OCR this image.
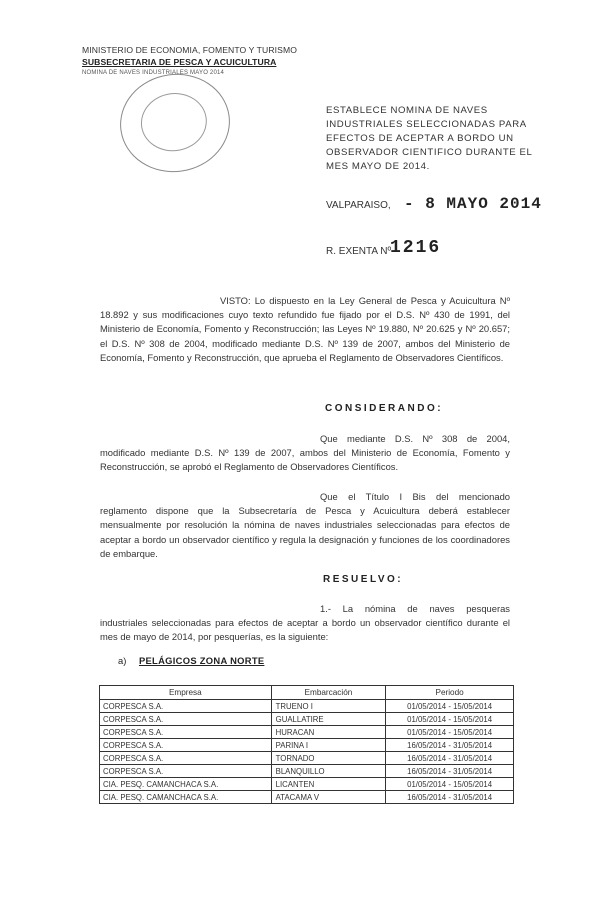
MINISTERIO DE ECONOMIA, FOMENTO Y TURISMO
SUBSECRETARIA DE PESCA Y ACUICULTURA
NOMINA DE NAVES INDUSTRIALES MAYO 2014
ESTABLECE NOMINA DE NAVES INDUSTRIALES SELECCIONADAS PARA EFECTOS DE ACEPTAR A BORDO UN OBSERVADOR CIENTIFICO DURANTE EL MES MAYO DE 2014.
VALPARAISO, - 8 MAYO 2014
R. EXENTA Nº
1216
VISTO: Lo dispuesto en la Ley General de Pesca y Acuicultura Nº 18.892 y sus modificaciones cuyo texto refundido fue fijado por el D.S. Nº 430 de 1991, del Ministerio de Economía, Fomento y Reconstrucción; las Leyes Nº 19.880, Nº 20.625 y Nº 20.657; el D.S. Nº 308 de 2004, modificado mediante D.S. Nº 139 de 2007, ambos del Ministerio de Economía, Fomento y Reconstrucción, que aprueba el Reglamento de Observadores Científicos.
CONSIDERANDO:
Que mediante D.S. Nº 308 de 2004, modificado mediante D.S. Nº 139 de 2007, ambos del Ministerio de Economía, Fomento y Reconstrucción, se aprobó el Reglamento de Observadores Científicos.
Que el Título I Bis del mencionado reglamento dispone que la Subsecretaría de Pesca y Acuicultura deberá establecer mensualmente por resolución la nómina de naves industriales seleccionadas para efectos de aceptar a bordo un observador científico y regula la designación y funciones de los coordinadores de embarque.
RESUELVO:
1.- La nómina de naves pesqueras industriales seleccionadas para efectos de aceptar a bordo un observador científico durante el mes de mayo de 2014, por pesquerías, es la siguiente:
a) PELÁGICOS ZONA NORTE
Empresa	Embarcación	Periodo
CORPESCA S.A.	TRUENO I	01/05/2014 - 15/05/2014
CORPESCA S.A.	GUALLATIRE	01/05/2014 - 15/05/2014
CORPESCA S.A.	HURACAN	01/05/2014 - 15/05/2014
CORPESCA S.A.	PARINA I	16/05/2014 - 31/05/2014
CORPESCA S.A.	TORNADO	16/05/2014 - 31/05/2014
CORPESCA S.A.	BLANQUILLO	16/05/2014 - 31/05/2014
CIA. PESQ. CAMANCHACA S.A.	LICANTEN	01/05/2014 - 15/05/2014
CIA. PESQ. CAMANCHACA S.A.	ATACAMA V	16/05/2014 - 31/05/2014
